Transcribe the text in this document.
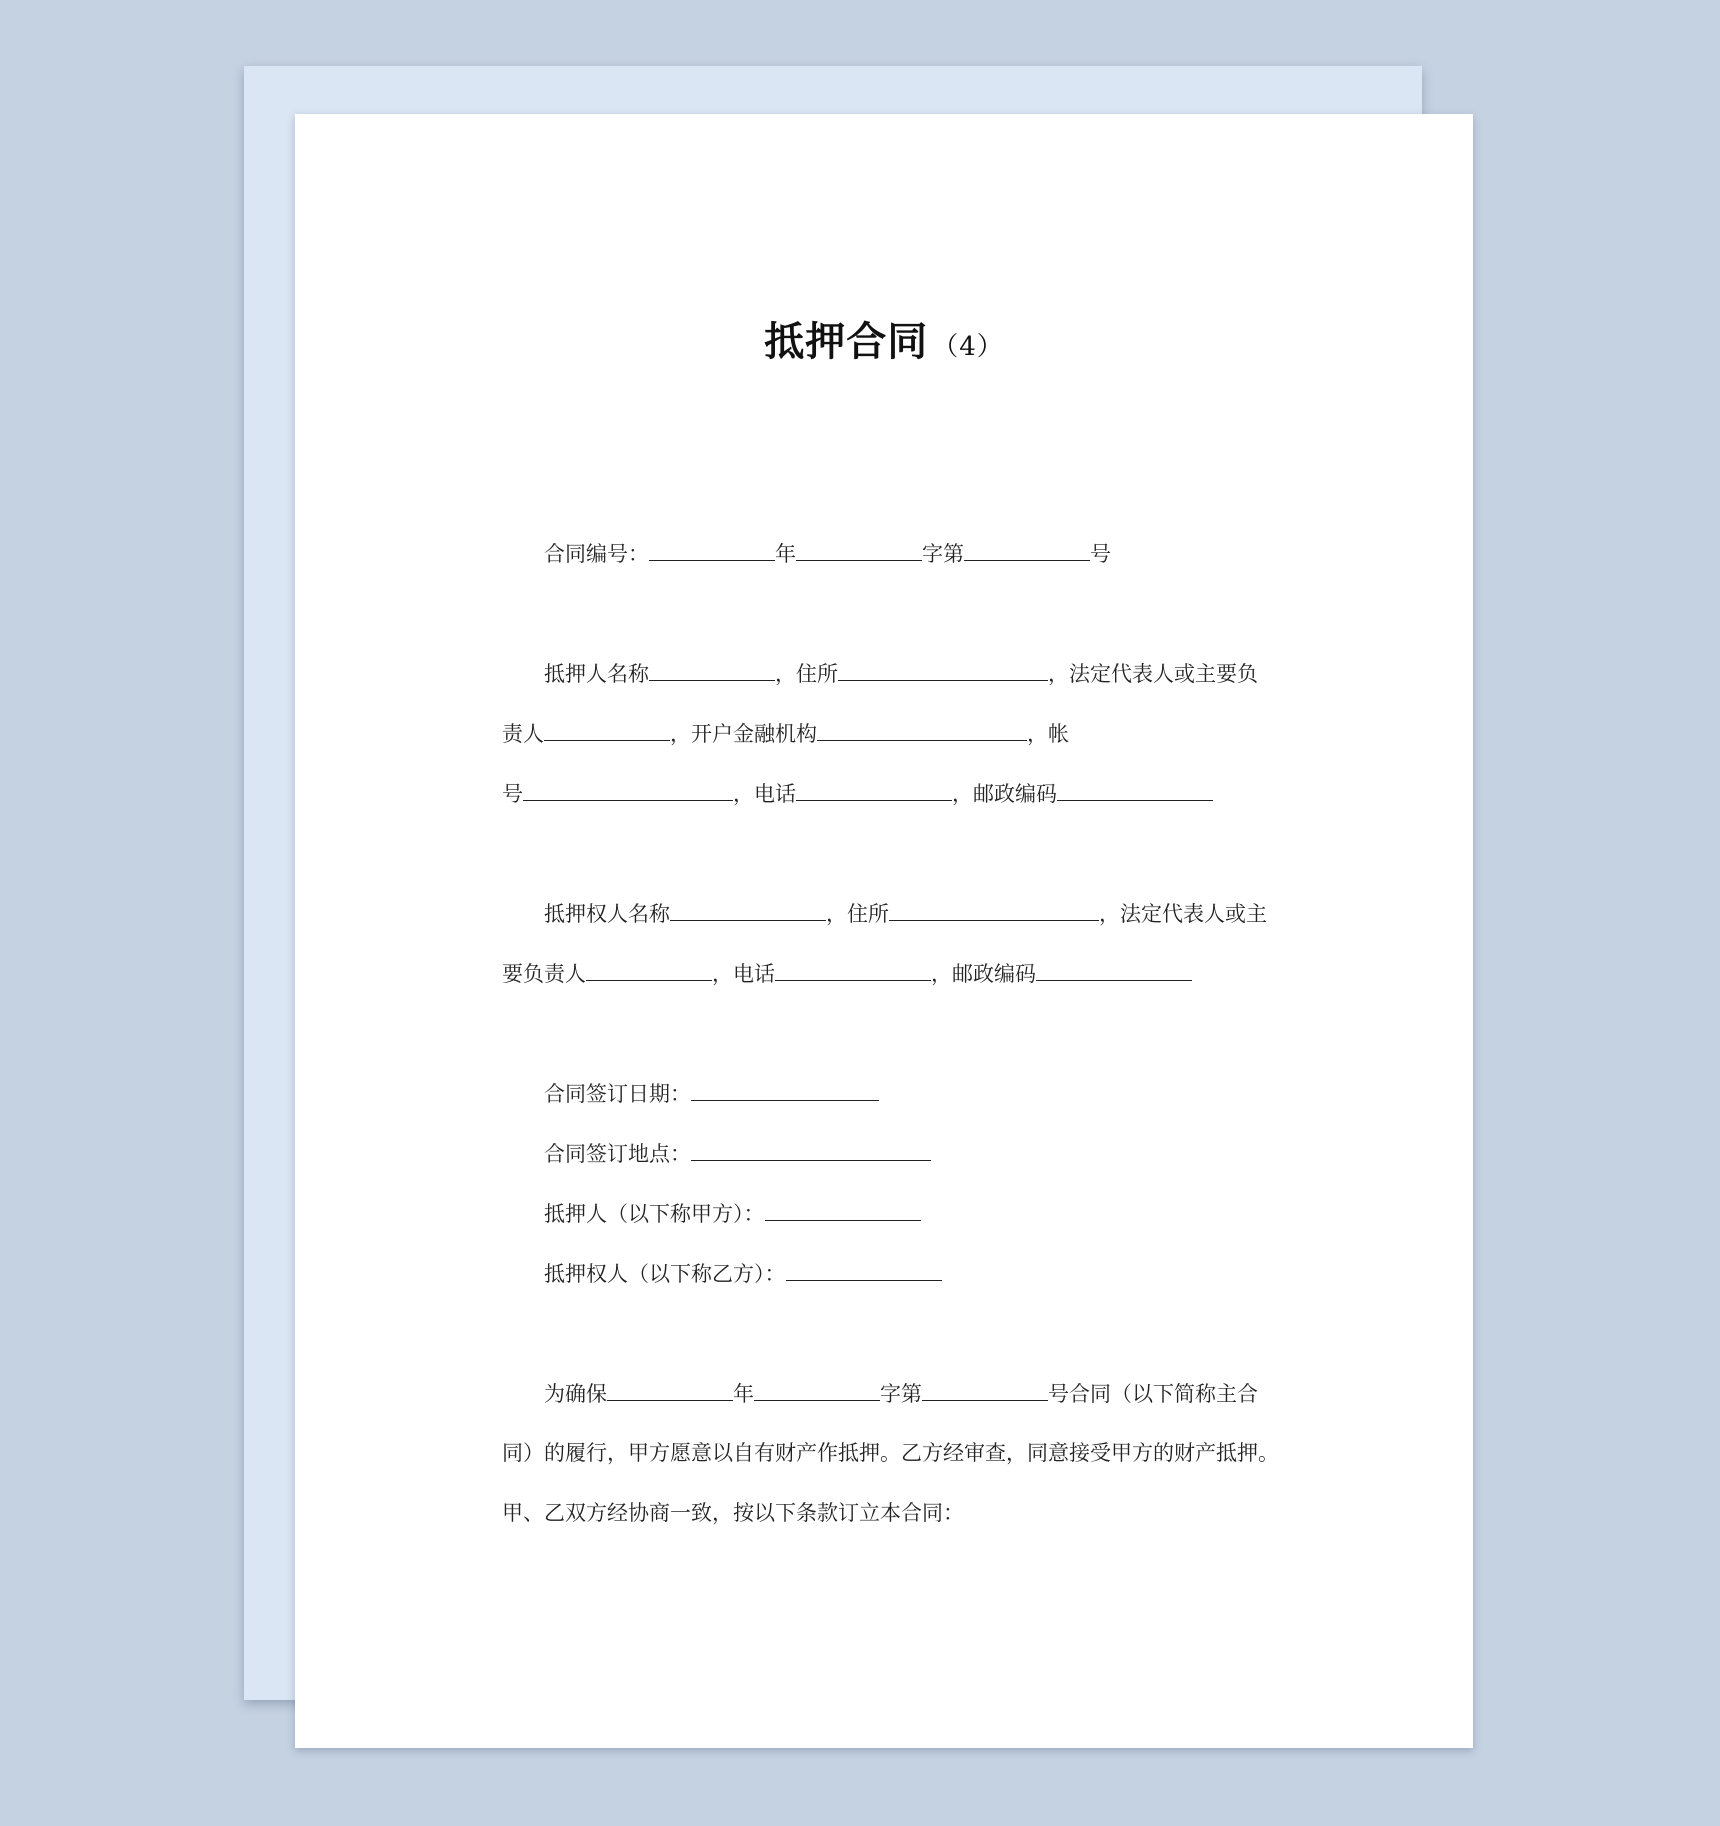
抵押合同 （4）
合同编号：	年	字第	号
抵押人名称	，住所	，法定代表人或主要负
责人	，开户金融机构	，帐
号	，电话	，邮政编码
抵押权人名称	，住所	，法定代表人或主
要负责人	，电话	，邮政编码
合同签订日期：
合同签订地点：
抵押人（以下称甲方）：
抵押权人（以下称乙方）：
为确保	年	字第	号合同（以下简称主合
同）的履行，甲方愿意以自有财产作抵押。乙方经审查，同意接受甲方的财产抵押。
甲、乙双方经协商一致，按以下条款订立本合同：
